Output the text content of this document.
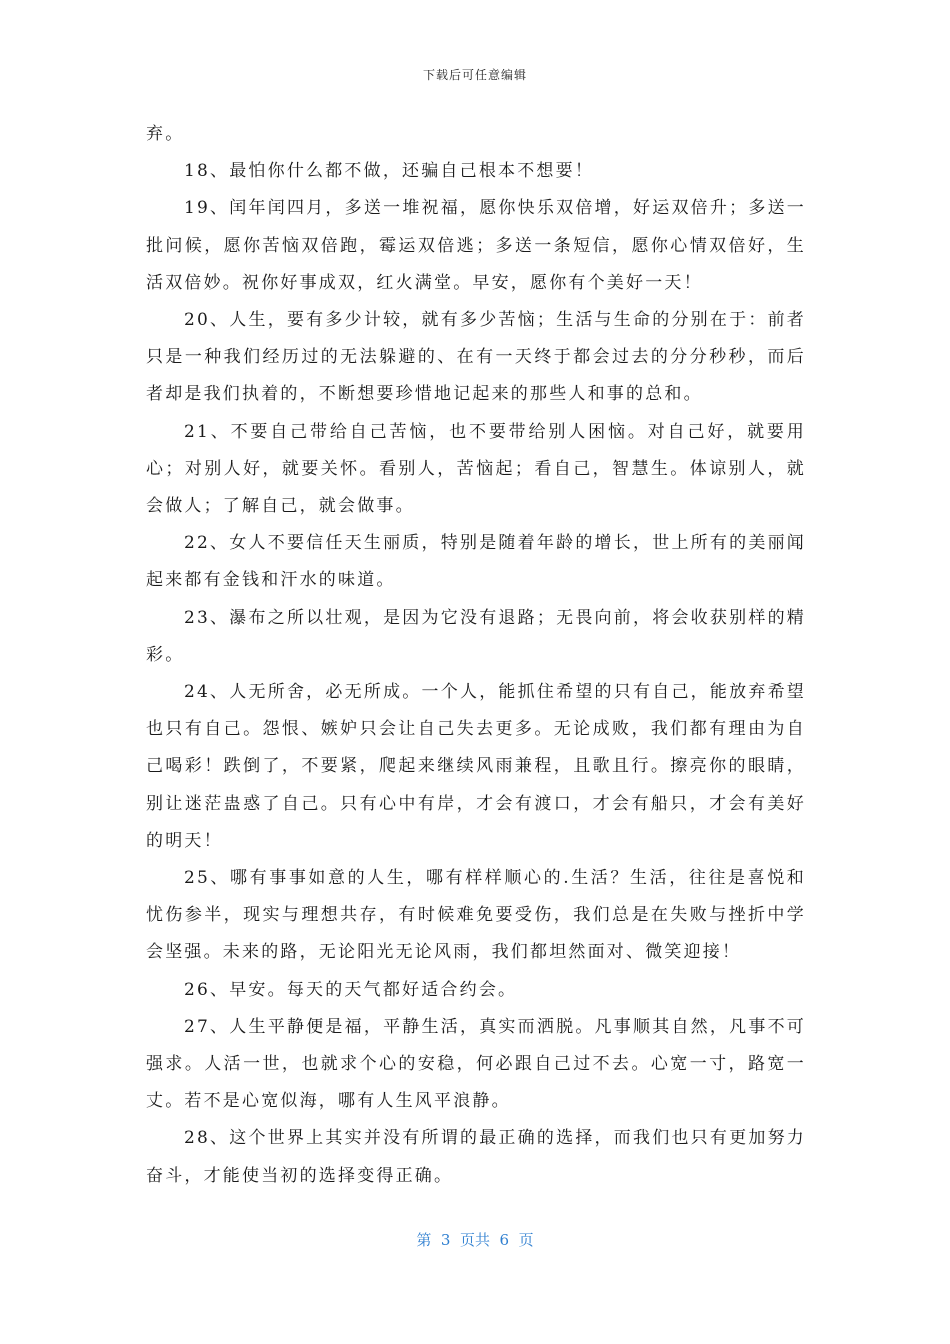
下载后可任意编辑

弃。

18、最怕你什么都不做，还骗自己根本不想要！

19、闰年闰四月，多送一堆祝福，愿你快乐双倍增，好运双倍升；多送一批问候，愿你苦恼双倍跑，霉运双倍逃；多送一条短信，愿你心情双倍好，生活双倍妙。祝你好事成双，红火满堂。早安，愿你有个美好一天！

20、人生，要有多少计较，就有多少苦恼；生活与生命的分别在于：前者只是一种我们经历过的无法躲避的、在有一天终于都会过去的分分秒秒，而后者却是我们执着的，不断想要珍惜地记起来的那些人和事的总和。

21、不要自己带给自己苦恼，也不要带给别人困恼。对自己好，就要用心；对别人好，就要关怀。看别人，苦恼起；看自己，智慧生。体谅别人，就会做人；了解自己，就会做事。

22、女人不要信任天生丽质，特别是随着年龄的增长，世上所有的美丽闻起来都有金钱和汗水的味道。

23、瀑布之所以壮观，是因为它没有退路；无畏向前，将会收获别样的精彩。

24、人无所舍，必无所成。一个人，能抓住希望的只有自己，能放弃希望也只有自己。怨恨、嫉妒只会让自己失去更多。无论成败，我们都有理由为自己喝彩！跌倒了，不要紧，爬起来继续风雨兼程，且歌且行。擦亮你的眼睛，别让迷茫蛊惑了自己。只有心中有岸，才会有渡口，才会有船只，才会有美好的明天！

25、哪有事事如意的人生，哪有样样顺心的.生活？生活，往往是喜悦和忧伤参半，现实与理想共存，有时候难免要受伤，我们总是在失败与挫折中学会坚强。未来的路，无论阳光无论风雨，我们都坦然面对、微笑迎接！

26、早安。每天的天气都好适合约会。

27、人生平静便是福，平静生活，真实而洒脱。凡事顺其自然，凡事不可强求。人活一世，也就求个心的安稳，何必跟自己过不去。心宽一寸，路宽一丈。若不是心宽似海，哪有人生风平浪静。

28、这个世界上其实并没有所谓的最正确的选择，而我们也只有更加努力奋斗，才能使当初的选择变得正确。

第  3  页共  6  页
